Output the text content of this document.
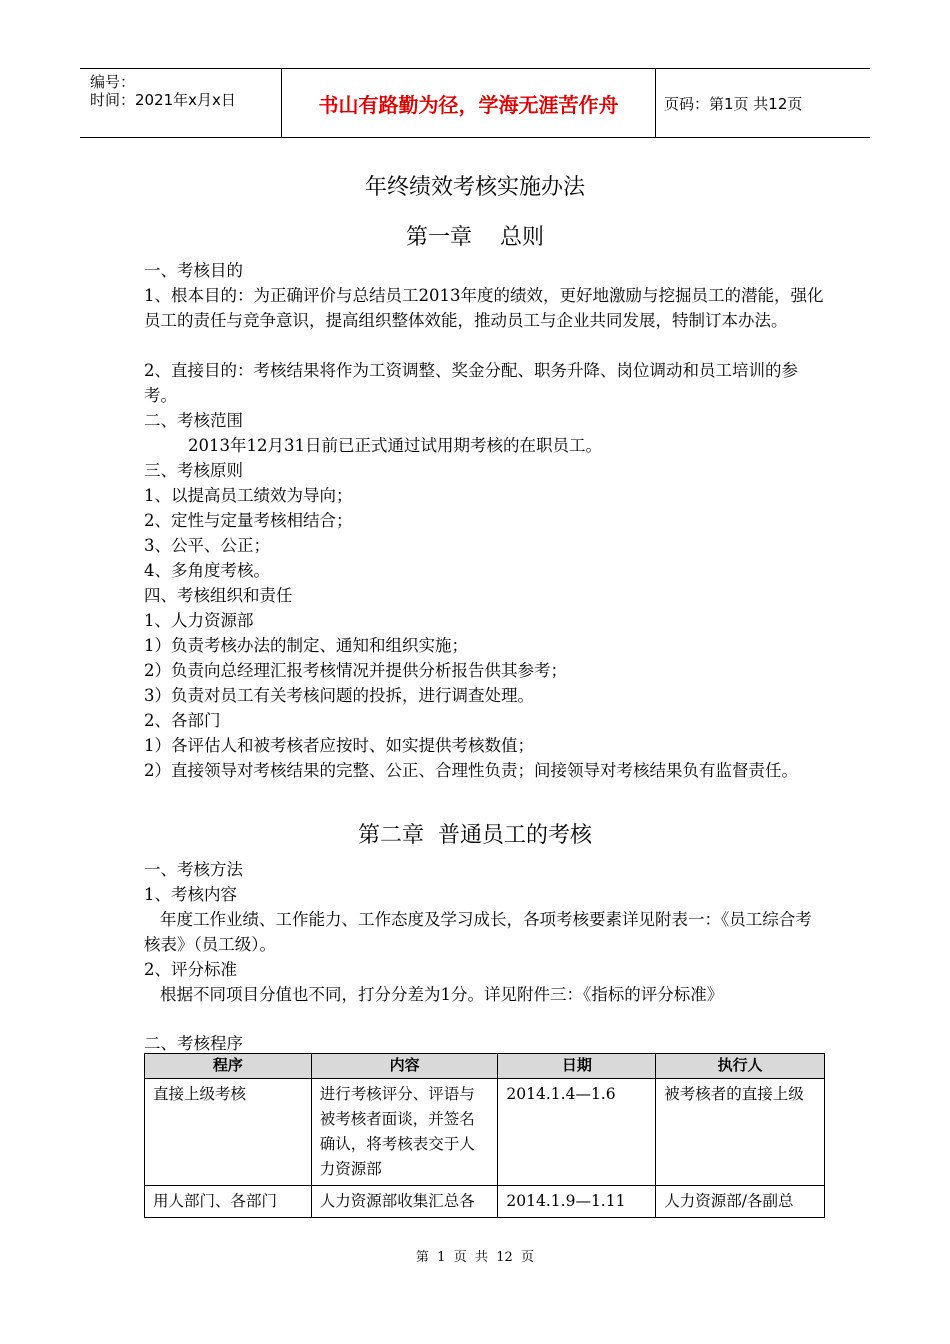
编号：
时间：2021年x月x日	书山有路勤为径，学海无涯苦作舟	页码：第1页 共12页
年终绩效考核实施办法
第一章    总则
一、考核目的
1、根本目的：为正确评价与总结员工2013年度的绩效，更好地激励与挖掘员工的潜能，强化员工的责任与竞争意识，提高组织整体效能，推动员工与企业共同发展，特制订本办法。
2、直接目的：考核结果将作为工资调整、奖金分配、职务升降、岗位调动和员工培训的参考。
二、考核范围
2013年12月31日前已正式通过试用期考核的在职员工。
三、考核原则
1、以提高员工绩效为导向；
2、定性与定量考核相结合；
3、公平、公正；
4、多角度考核。
四、考核组织和责任
1、人力资源部
1）负责考核办法的制定、通知和组织实施；
2）负责向总经理汇报考核情况并提供分析报告供其参考；
3）负责对员工有关考核问题的投拆，进行调查处理。
2、各部门
1）各评估人和被考核者应按时、如实提供考核数值；
2）直接领导对考核结果的完整、公正、合理性负责；间接领导对考核结果负有监督责任。
第二章  普通员工的考核
一、考核方法
1、考核内容
年度工作业绩、工作能力、工作态度及学习成长，各项考核要素详见附表一：《员工综合考核表》（员工级）。
2、评分标准
根据不同项目分值也不同，打分分差为1分。详见附件三：《指标的评分标准》
二、考核程序
程序	内容	日期	执行人
直接上级考核	进行考核评分、评语与被考核者面谈，并签名确认，将考核表交于人力资源部	2014.1.4—1.6	被考核者的直接上级
用人部门、各部门	人力资源部收集汇总各	2014.1.9—1.11	人力资源部/各副总
第  1  页  共  12  页
